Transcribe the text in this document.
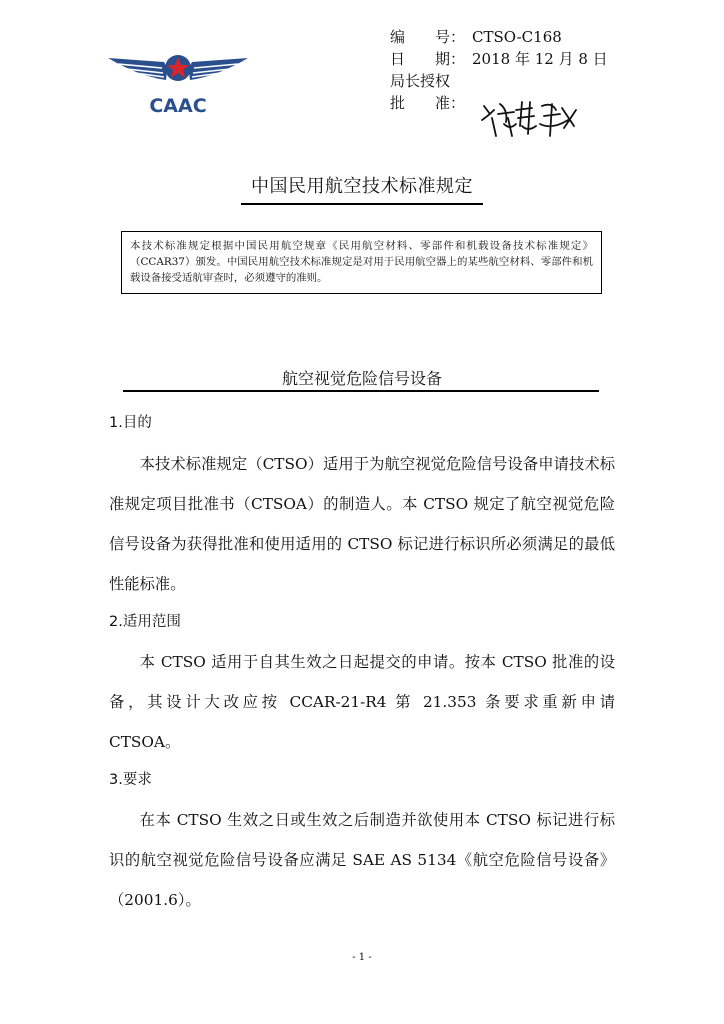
CAAC
编　　号： CTSO-C168
日　　期： 2018 年 12 月 8 日
局长授权
批　　准：
中国民用航空技术标准规定
本技术标准规定根据中国民用航空规章《民用航空材料、零部件和机载设备技术标准规定》（CCAR37）颁发。中国民用航空技术标准规定是对用于民用航空器上的某些航空材料、零部件和机载设备接受适航审查时，必须遵守的准则。
航空视觉危险信号设备
1.目的

本技术标准规定（CTSO）适用于为航空视觉危险信号设备申请技术标准规定项目批准书（CTSOA）的制造人。本 CTSO 规定了航空视觉危险信号设备为获得批准和使用适用的 CTSO 标记进行标识所必须满足的最低性能标准。

2.适用范围

本 CTSO 适用于自其生效之日起提交的申请。按本 CTSO 批准的设备，其设计大改应按 CCAR-21-R4 第 21.353 条要求重新申请 CTSOA。

3.要求

在本 CTSO 生效之日或生效之后制造并欲使用本 CTSO 标记进行标识的航空视觉危险信号设备应满足 SAE AS 5134《航空危险信号设备》（2001.6）。

- 1 -
